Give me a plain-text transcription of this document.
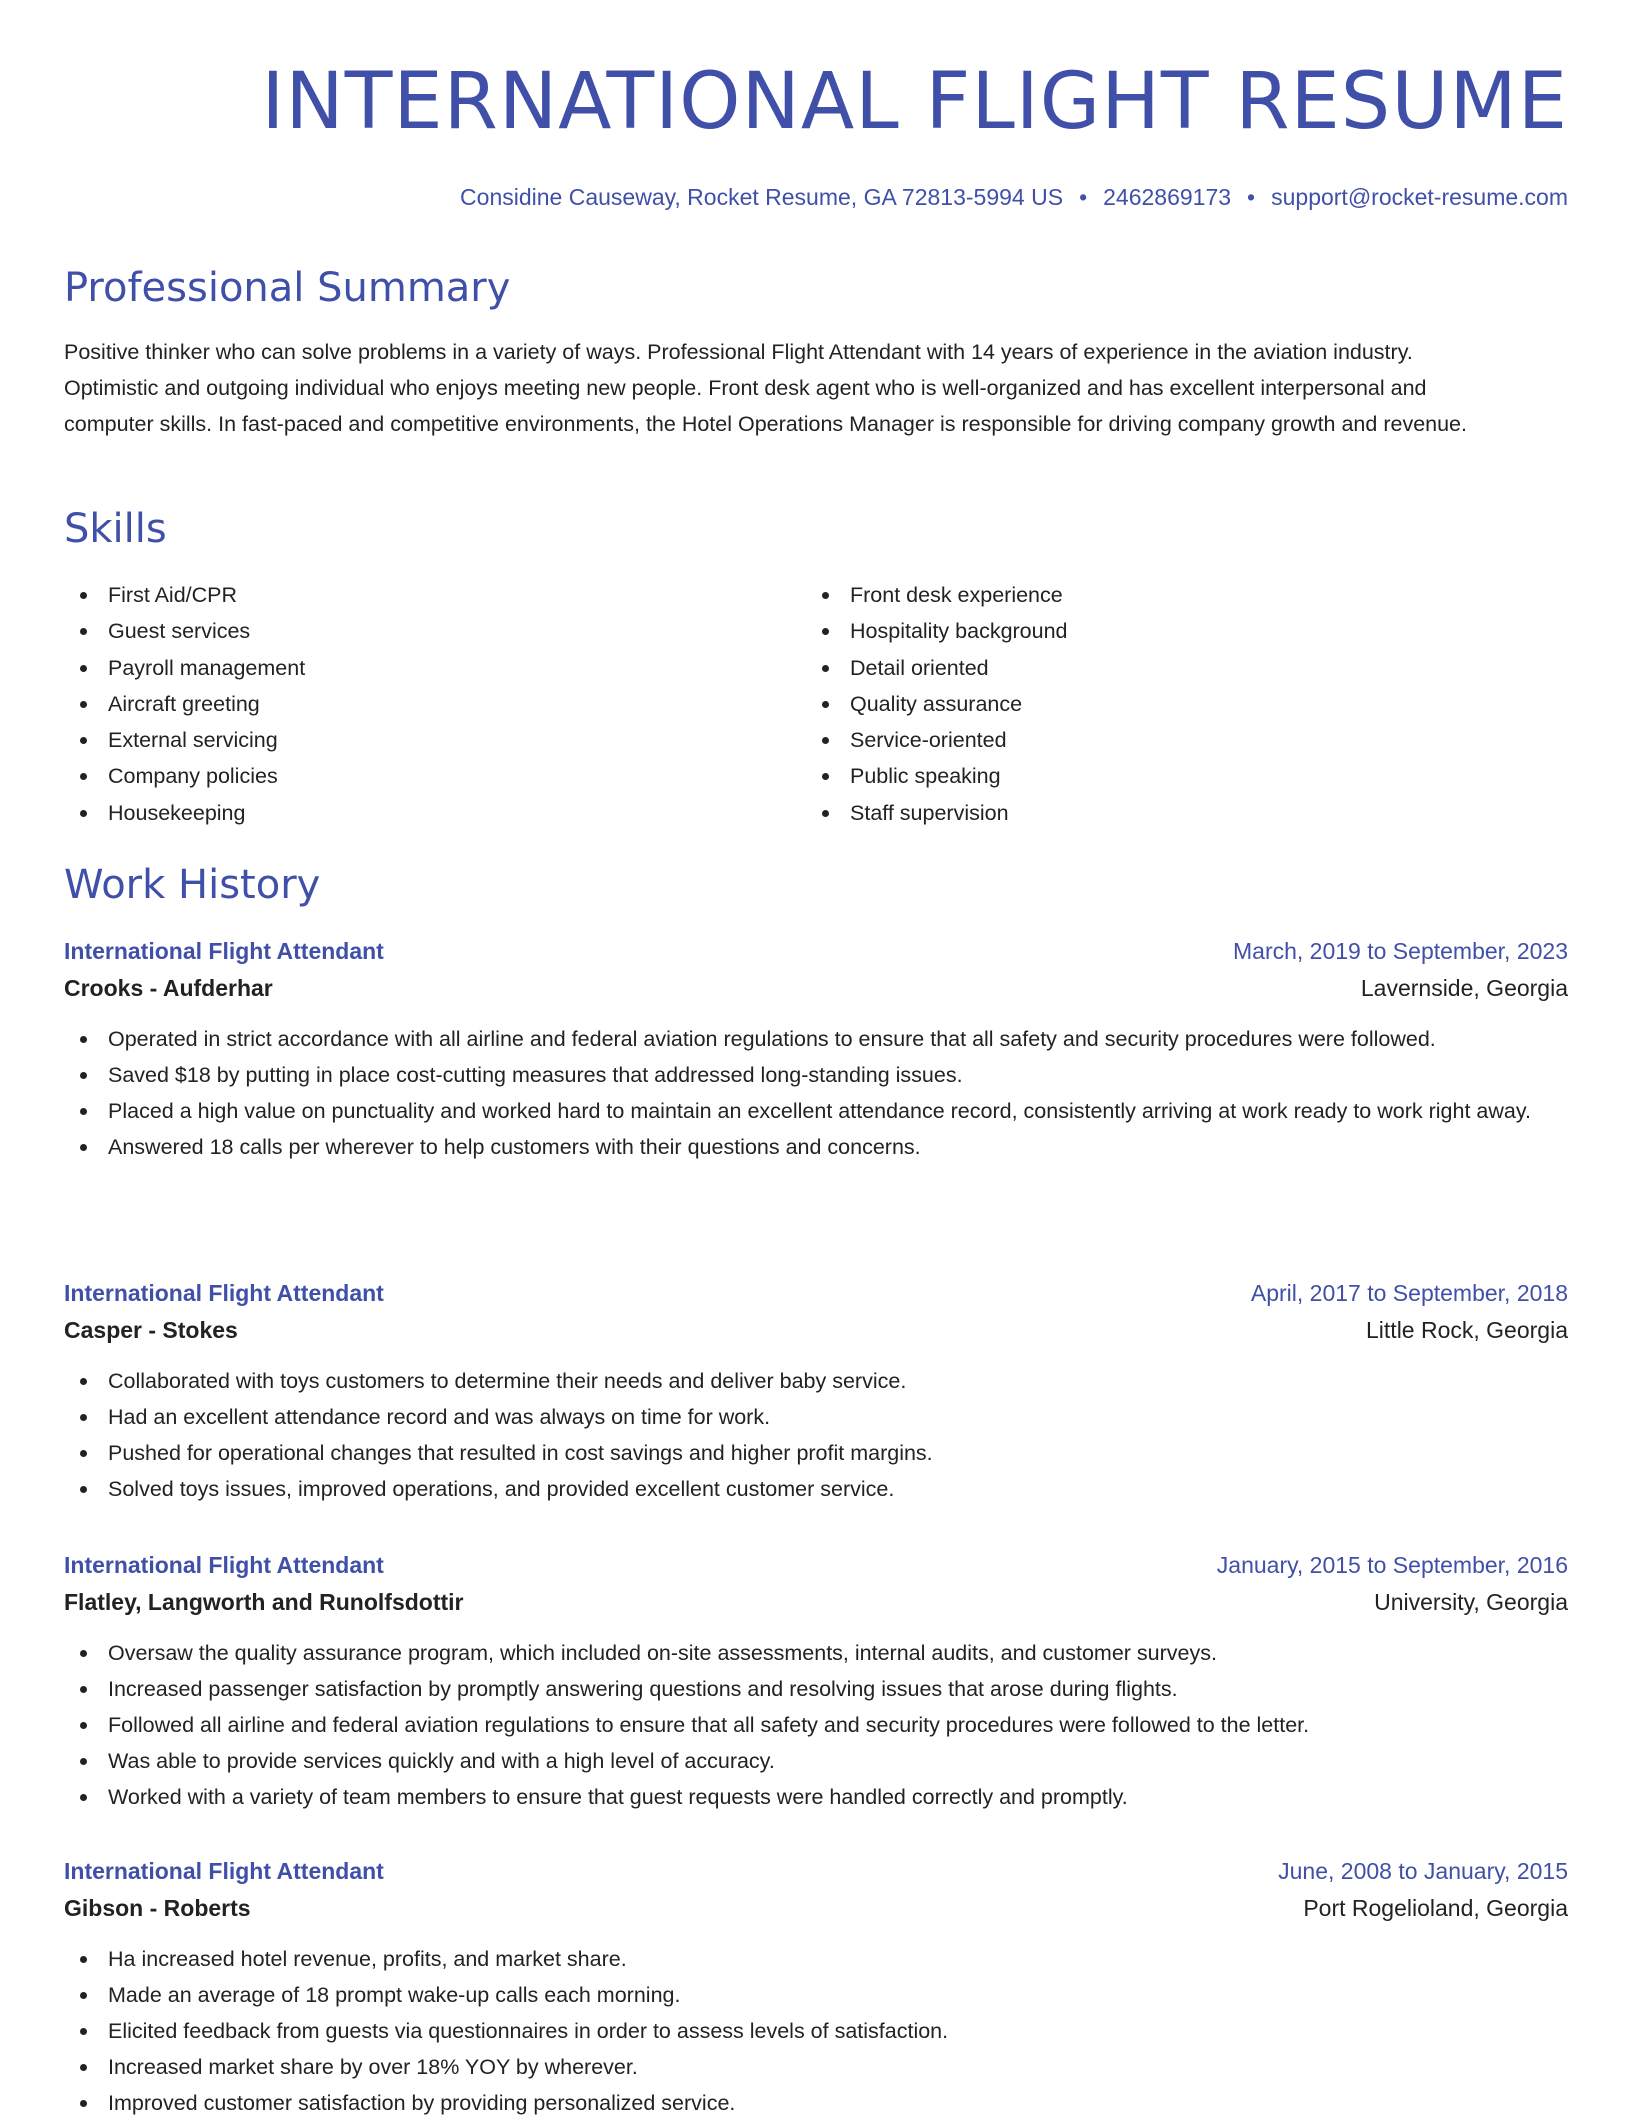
INTERNATIONAL FLIGHT RESUME
Considine Causeway, Rocket Resume, GA 72813-5994 US • 2462869173 • support@rocket-resume.com
Professional Summary

Positive thinker who can solve problems in a variety of ways. Professional Flight Attendant with 14 years of experience in the aviation industry. Optimistic and outgoing individual who enjoys meeting new people. Front desk agent who is well-organized and has excellent interpersonal and computer skills. In fast-paced and competitive environments, the Hotel Operations Manager is responsible for driving company growth and revenue.

Skills
First Aid/CPR
Guest services
Payroll management
Aircraft greeting
External servicing
Company policies
Housekeeping
Front desk experience
Hospitality background
Detail oriented
Quality assurance
Service-oriented
Public speaking
Staff supervision
Work History
International Flight Attendant	March, 2019 to September, 2023
Crooks - Aufderhar	Lavernside, Georgia
Operated in strict accordance with all airline and federal aviation regulations to ensure that all safety and security procedures were followed.
Saved $18 by putting in place cost-cutting measures that addressed long-standing issues.
Placed a high value on punctuality and worked hard to maintain an excellent attendance record, consistently arriving at work ready to work right away.
Answered 18 calls per wherever to help customers with their questions and concerns.
International Flight Attendant	April, 2017 to September, 2018
Casper - Stokes	Little Rock, Georgia
Collaborated with toys customers to determine their needs and deliver baby service.
Had an excellent attendance record and was always on time for work.
Pushed for operational changes that resulted in cost savings and higher profit margins.
Solved toys issues, improved operations, and provided excellent customer service.
International Flight Attendant	January, 2015 to September, 2016
Flatley, Langworth and Runolfsdottir	University, Georgia
Oversaw the quality assurance program, which included on-site assessments, internal audits, and customer surveys.
Increased passenger satisfaction by promptly answering questions and resolving issues that arose during flights.
Followed all airline and federal aviation regulations to ensure that all safety and security procedures were followed to the letter.
Was able to provide services quickly and with a high level of accuracy.
Worked with a variety of team members to ensure that guest requests were handled correctly and promptly.
International Flight Attendant	June, 2008 to January, 2015
Gibson - Roberts	Port Rogelioland, Georgia
Ha increased hotel revenue, profits, and market share.
Made an average of 18 prompt wake-up calls each morning.
Elicited feedback from guests via questionnaires in order to assess levels of satisfaction.
Increased market share by over 18% YOY by wherever.
Improved customer satisfaction by providing personalized service.
